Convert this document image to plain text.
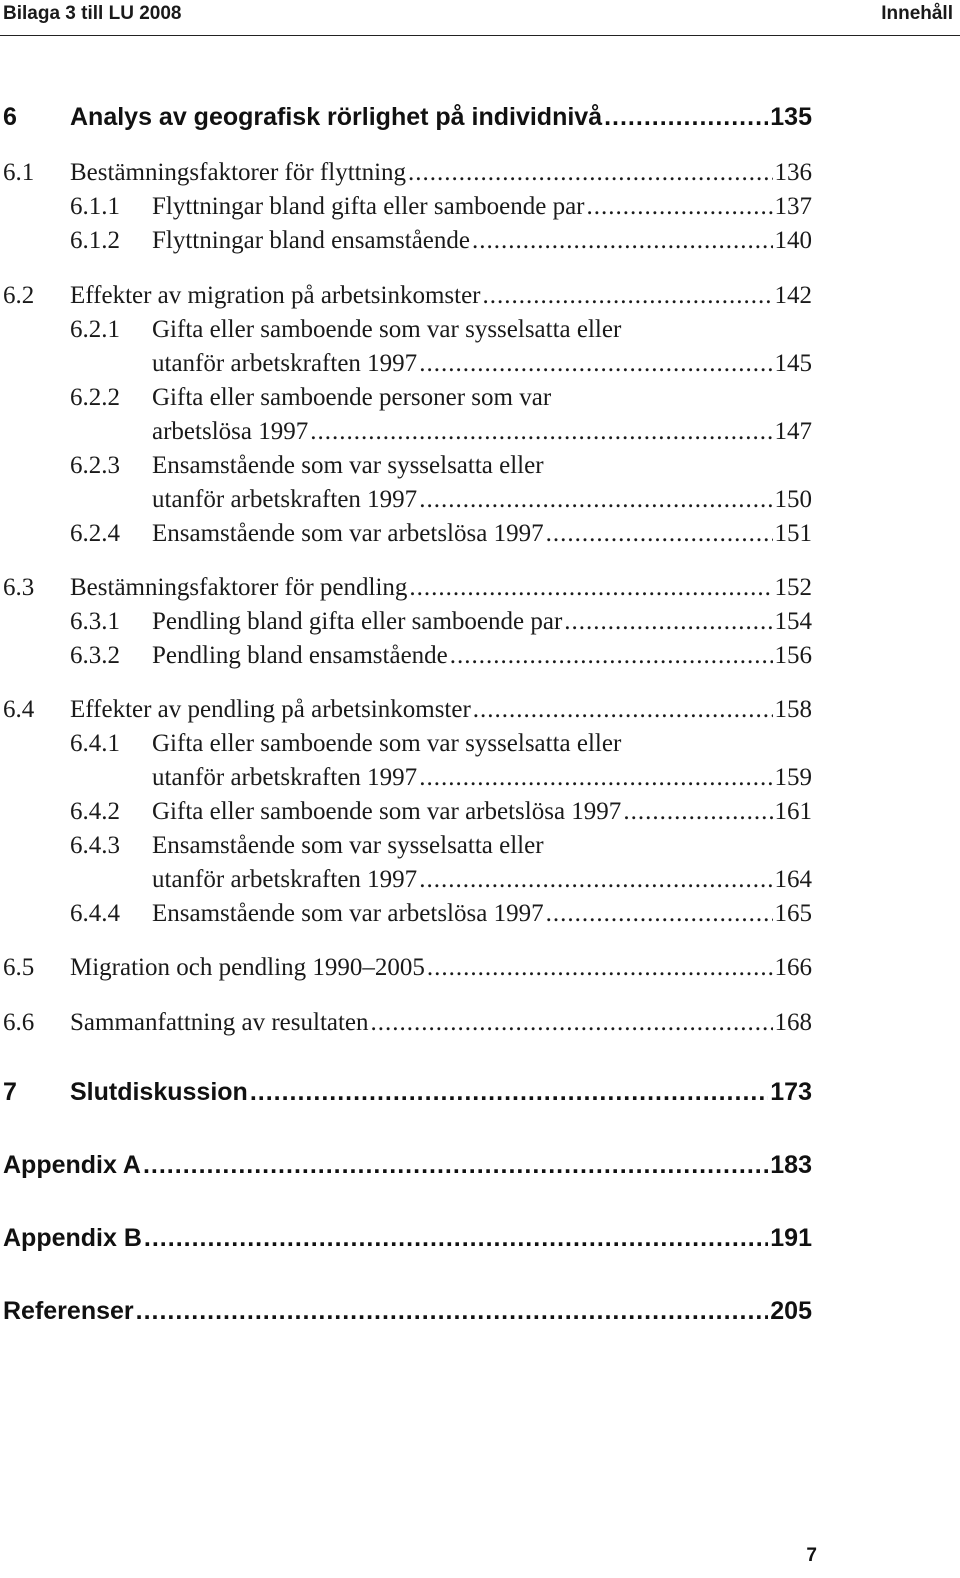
Bilaga 3 till LU 2008	Innehåll
6 Analys av geografisk rörlighet på individnivå .....	135
6.1 Bestämningsfaktorer för flyttning .....	136
6.1.1 Flyttningar bland gifta eller samboende par .....	137
6.1.2 Flyttningar bland ensamstående .....	140
6.2 Effekter av migration på arbetsinkomster .....	142
6.2.1 Gifta eller samboende som var sysselsatta eller
utanför arbetskraften 1997 .....	145
6.2.2 Gifta eller samboende personer som var
arbetslösa 1997 .....	147
6.2.3 Ensamstående som var sysselsatta eller
utanför arbetskraften 1997 .....	150
6.2.4 Ensamstående som var arbetslösa 1997 .....	151
6.3 Bestämningsfaktorer för pendling .....	152
6.3.1 Pendling bland gifta eller samboende par .....	154
6.3.2 Pendling bland ensamstående .....	156
6.4 Effekter av pendling på arbetsinkomster .....	158
6.4.1 Gifta eller samboende som var sysselsatta eller
utanför arbetskraften 1997 .....	159
6.4.2 Gifta eller samboende som var arbetslösa 1997 .....	161
6.4.3 Ensamstående som var sysselsatta eller
utanför arbetskraften 1997 .....	164
6.4.4 Ensamstående som var arbetslösa 1997 .....	165
6.5 Migration och pendling 1990–2005 .....	166
6.6 Sammanfattning av resultaten .....	168
7 Slutdiskussion .....	173
Appendix A .....	183
Appendix B .....	191
Referenser .....	205
7
